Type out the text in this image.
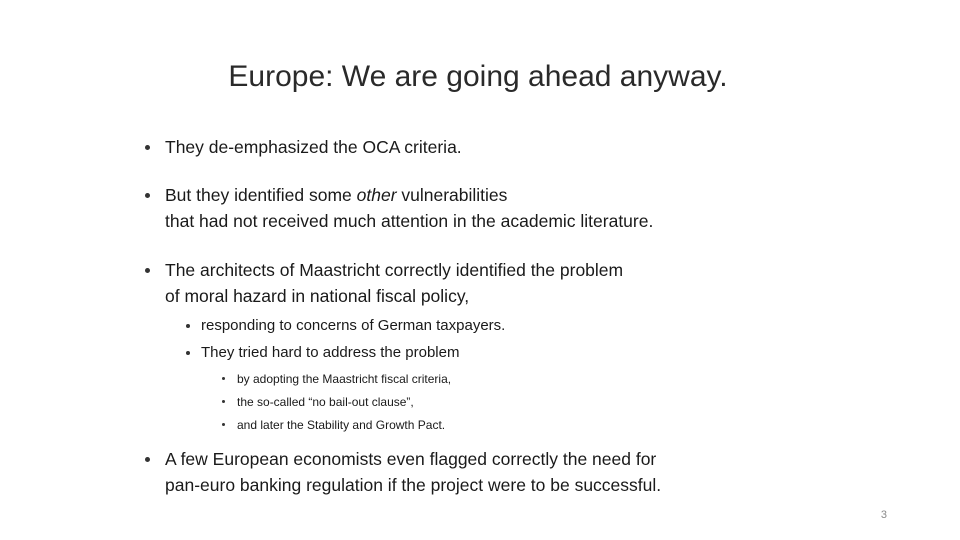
Europe: We are going ahead anyway.
They de-emphasized the OCA criteria.
But they identified some other vulnerabilities
that had not received much attention in the academic literature.
The architects of Maastricht correctly identified the problem
of moral hazard in national fiscal policy,
responding to concerns of German taxpayers.
They tried hard to address the problem
by adopting the Maastricht fiscal criteria,
the so-called “no bail-out clause”,
and later the Stability and Growth Pact.
A few European economists even flagged correctly the need for
pan-euro banking regulation if the project were to be successful.
3
